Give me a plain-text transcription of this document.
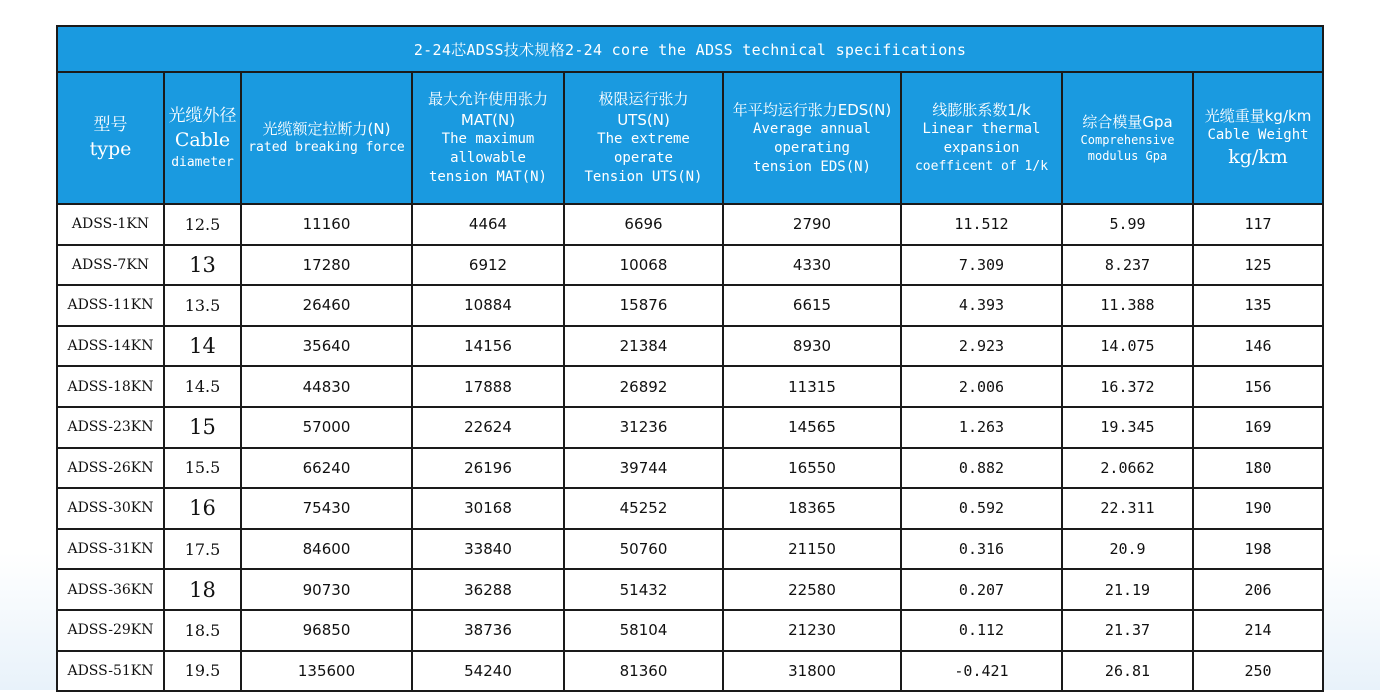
2-24芯ADSS技术规格2-24 core the ADSS technical specifications								

型号
type	光缆外径
Cable
diameter	光缆额定拉断力(N)
rated breaking force	最大允许使用张力
MAT(N)
The maximum
allowable
tension MAT(N)	极限运行张力
UTS(N)
The extreme operate
Tension UTS(N)	年平均运行张力EDS(N)
Average annual
operating
tension EDS(N)	线膨胀系数1/k
Linear thermal
expansion
coefficent of 1/k	综合模量Gpa
Comprehensive
modulus Gpa	光缆重量kg/km
Cable Weight
kg/km

ADSS-1KN	12.5	11160	4464	6696	2790	11.512	5.99	117
ADSS-7KN	13	17280	6912	10068	4330	7.309	8.237	125
ADSS-11KN	13.5	26460	10884	15876	6615	4.393	11.388	135
ADSS-14KN	14	35640	14156	21384	8930	2.923	14.075	146
ADSS-18KN	14.5	44830	17888	26892	11315	2.006	16.372	156
ADSS-23KN	15	57000	22624	31236	14565	1.263	19.345	169
ADSS-26KN	15.5	66240	26196	39744	16550	0.882	2.0662	180
ADSS-30KN	16	75430	30168	45252	18365	0.592	22.311	190
ADSS-31KN	17.5	84600	33840	50760	21150	0.316	20.9	198
ADSS-36KN	18	90730	36288	51432	22580	0.207	21.19	206
ADSS-29KN	18.5	96850	38736	58104	21230	0.112	21.37	214
ADSS-51KN	19.5	135600	54240	81360	31800	-0.421	26.81	250
